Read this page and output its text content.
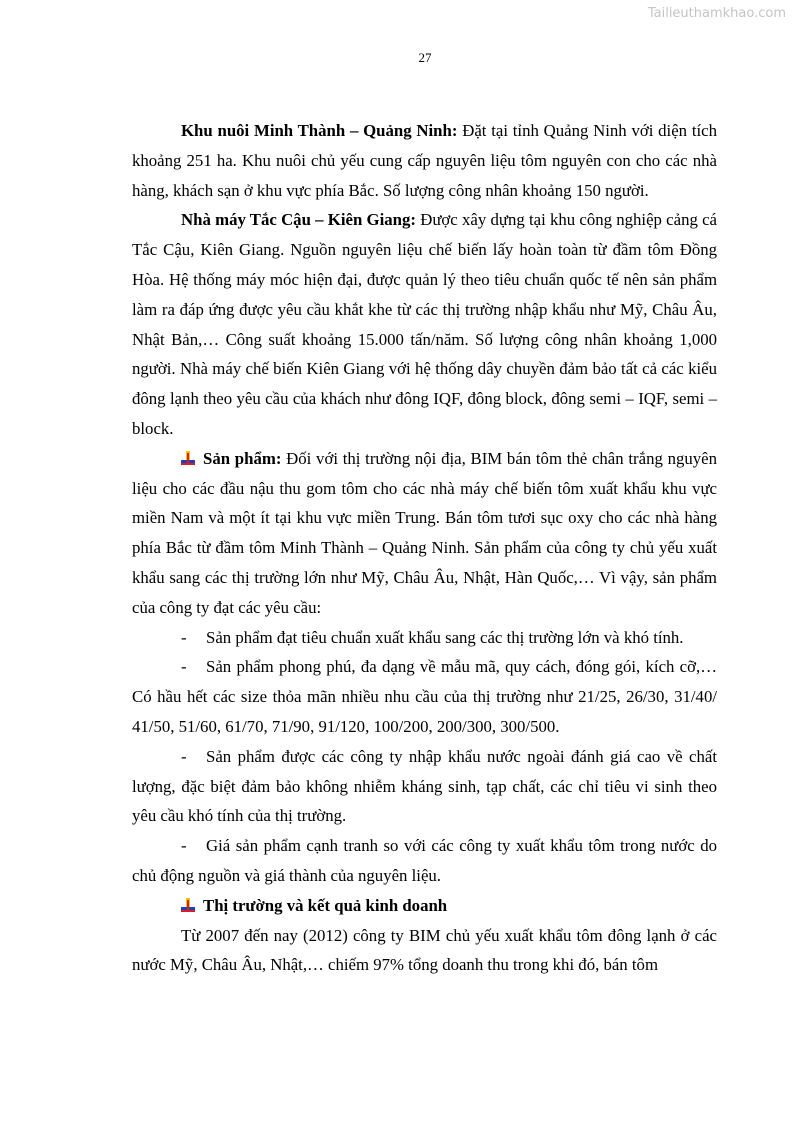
Tailieuthamkhao.com
27

Khu nuôi Minh Thành – Quảng Ninh: Đặt tại tỉnh Quảng Ninh với diện tích khoảng 251 ha. Khu nuôi chủ yếu cung cấp nguyên liệu tôm nguyên con cho các nhà hàng, khách sạn ở khu vực phía Bắc. Số lượng công nhân khoảng 150 người.

Nhà máy Tắc Cậu – Kiên Giang: Được xây dựng tại khu công nghiệp cảng cá Tắc Cậu, Kiên Giang. Nguồn nguyên liệu chế biến lấy hoàn toàn từ đầm tôm Đồng Hòa. Hệ thống máy móc hiện đại, được quản lý theo tiêu chuẩn quốc tế nên sản phẩm làm ra đáp ứng được yêu cầu khắt khe từ các thị trường nhập khẩu như Mỹ, Châu Âu, Nhật Bản,… Công suất khoảng 15.000 tấn/năm. Số lượng công nhân khoảng 1,000 người. Nhà máy chế biến Kiên Giang với hệ thống dây chuyền đảm bảo tất cả các kiểu đông lạnh theo yêu cầu của khách như đông IQF, đông block, đông semi – IQF, semi – block.

Sản phẩm: Đối với thị trường nội địa, BIM bán tôm thẻ chân trắng nguyên liệu cho các đầu nậu thu gom tôm cho các nhà máy chế biến tôm xuất khẩu khu vực miền Nam và một ít tại khu vực miền Trung. Bán tôm tươi sục oxy cho các nhà hàng phía Bắc từ đầm tôm Minh Thành – Quảng Ninh. Sản phẩm của công ty chủ yếu xuất khẩu sang các thị trường lớn như Mỹ, Châu Âu, Nhật, Hàn Quốc,… Vì vậy, sản phẩm của công ty đạt các yêu cầu:

- Sản phẩm đạt tiêu chuẩn xuất khẩu sang các thị trường lớn và khó tính.

- Sản phẩm phong phú, đa dạng về mẫu mã, quy cách, đóng gói, kích cỡ,… Có hầu hết các size thỏa mãn nhiều nhu cầu của thị trường như 21/25, 26/30, 31/40/ 41/50, 51/60, 61/70, 71/90, 91/120, 100/200, 200/300, 300/500.

- Sản phẩm được các công ty nhập khẩu nước ngoài đánh giá cao về chất lượng, đặc biệt đảm bảo không nhiễm kháng sinh, tạp chất, các chỉ tiêu vi sinh theo yêu cầu khó tính của thị trường.

- Giá sản phẩm cạnh tranh so với các công ty xuất khẩu tôm trong nước do chủ động nguồn và giá thành của nguyên liệu.

Thị trường và kết quả kinh doanh

Từ 2007 đến nay (2012) công ty BIM chủ yếu xuất khẩu tôm đông lạnh ở các nước Mỹ, Châu Âu, Nhật,… chiếm 97% tổng doanh thu trong khi đó, bán tôm
